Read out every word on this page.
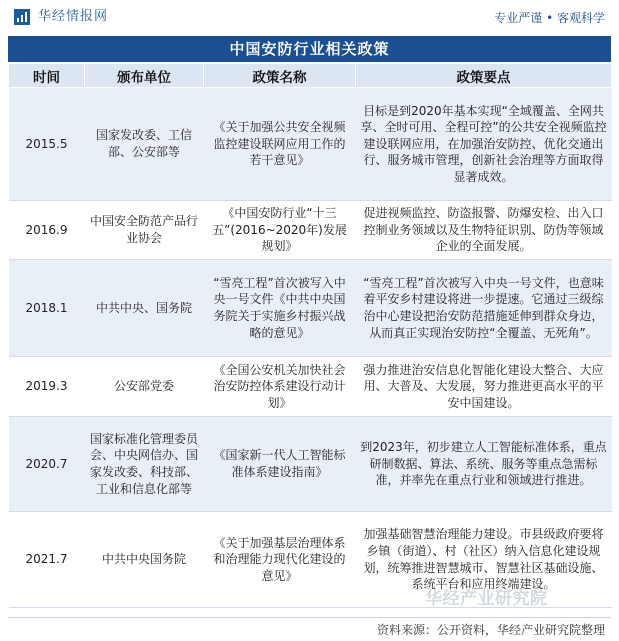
华经情报网	专业严谨 • 客观科学
中国安防行业相关政策
时间	颁布单位	政策名称	政策要点
2015.5	国家发改委、工信部、公安部等	《关于加强公共安全视频监控建设联网应用工作的若干意见》	目标是到2020年基本实现“全域覆盖、全网共享、全时可用、全程可控”的公共安全视频监控建设联网应用，在加强治安防控、优化交通出行、服务城市管理，创新社会治理等方面取得显著成效。
2016.9	中国安全防范产品行业协会	《中国安防行业“十三五”(2016~2020年)发展规划》	促进视频监控、防盗报警、防爆安检、出入口控制业务领域以及生物特征识别、防伪等领域企业的全面发展。
2018.1	中共中央、国务院	“雪亮工程”首次被写入中央一号文件《中共中央国务院关于实施乡村振兴战略的意见》	“雪亮工程”首次被写入中央一号文件，也意味着平安乡村建设将进一步提速。它通过三级综治中心建设把治安防范措施延伸到群众身边，从而真正实现治安防控“全覆盖、无死角”。
2019.3	公安部党委	《全国公安机关加快社会治安防控体系建设行动计划》	强力推进治安信息化智能化建设大整合、大应用、大普及、大发展，努力推进更高水平的平安中国建设。
2020.7	国家标准化管理委员会、中央网信办、国家发改委、科技部、工业和信息化部等	《国家新一代人工智能标准体系建设指南》	到2023年，初步建立人工智能标准体系，重点研制数据、算法、系统、服务等重点急需标准，并率先在重点行业和领域进行推进。
2021.7	中共中央国务院	《关于加强基层治理体系和治理能力现代化建设的意见》	加强基础智慧治理能力建设。市县级政府要将乡镇（街道）、村（社区）纳入信息化建设规划，统筹推进智慧城市、智慧社区基础设施、系统平台和应用终端建设。
华经产业研究院
资料来源：公开资料，华经产业研究院整理
